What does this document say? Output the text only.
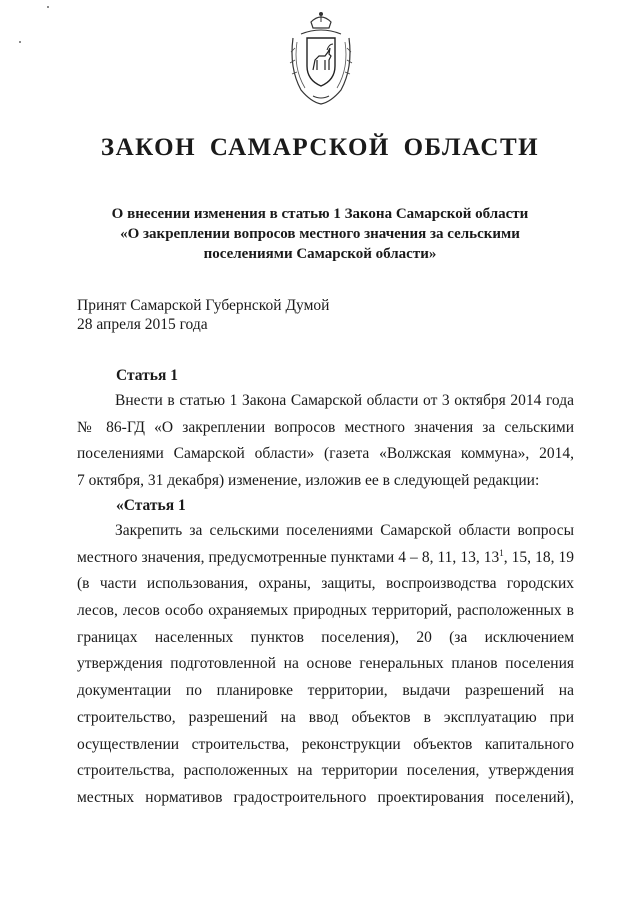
ЗАКОН САМАРСКОЙ ОБЛАСТИ
О внесении изменения в статью 1 Закона Самарской области
«О закреплении вопросов местного значения за сельскими
поселениями Самарской области»
Принят Самарской Губернской Думой
28 апреля 2015 года
Статья 1
Внести в статью 1 Закона Самарской области от 3 октября 2014 года
№ 86-ГД «О закреплении вопросов местного значения за сельскими
поселениями Самарской области» (газета «Волжская коммуна», 2014,
7 октября, 31 декабря) изменение, изложив ее в следующей редакции:
«Статья 1
Закрепить за сельскими поселениями Самарской области вопросы
местного значения, предусмотренные пунктами 4 – 8, 11, 13, $13^1$, 15, 18, 19
(в части использования, охраны, защиты, воспроизводства городских
лесов, лесов особо охраняемых природных территорий, расположенных в
границах населенных пунктов поселения), 20 (за исключением
утверждения подготовленной на основе генеральных планов поселения
документации по планировке территории, выдачи разрешений на
строительство, разрешений на ввод объектов в эксплуатацию при
осуществлении строительства, реконструкции объектов капитального
строительства, расположенных на территории поселения, утверждения
местных нормативов градостроительного проектирования поселений),
